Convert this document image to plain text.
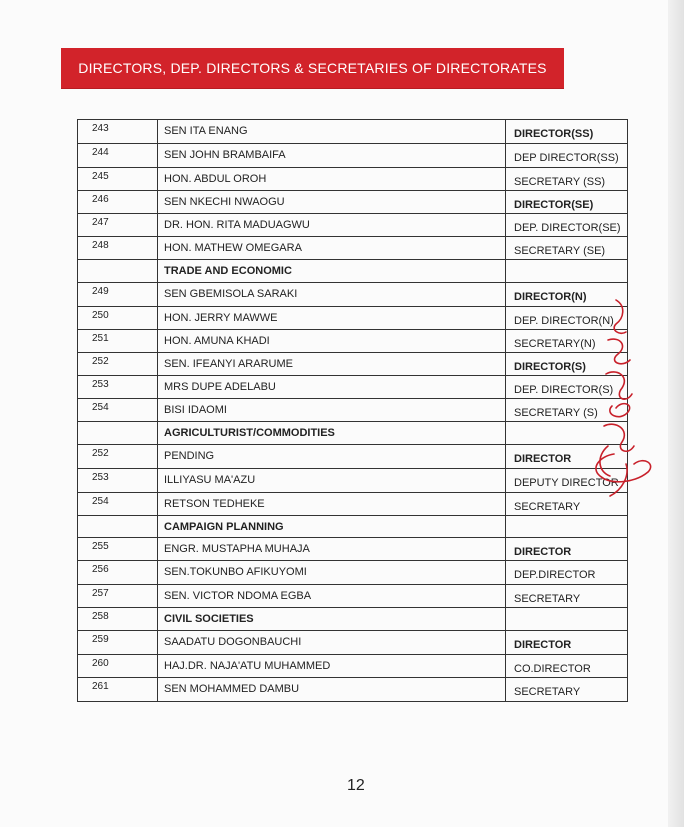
DIRECTORS, DEP. DIRECTORS & SECRETARIES OF DIRECTORATES
243	SEN ITA ENANG	DIRECTOR(SS)
244	SEN JOHN BRAMBAIFA	DEP DIRECTOR(SS)
245	HON. ABDUL OROH	SECRETARY (SS)
246	SEN NKECHI NWAOGU	DIRECTOR(SE)
247	DR. HON. RITA MADUAGWU	DEP. DIRECTOR(SE)
248	HON. MATHEW OMEGARA	SECRETARY (SE)
TRADE AND ECONOMIC
249	SEN GBEMISOLA SARAKI	DIRECTOR(N)
250	HON. JERRY MAWWE	DEP. DIRECTOR(N)
251	HON. AMUNA KHADI	SECRETARY(N)
252	SEN. IFEANYI ARARUME	DIRECTOR(S)
253	MRS DUPE ADELABU	DEP. DIRECTOR(S)
254	BISI IDAOMI	SECRETARY (S)
AGRICULTURIST/COMMODITIES
252	PENDING	DIRECTOR
253	ILLIYASU MA'AZU	DEPUTY DIRECTOR
254	RETSON TEDHEKE	SECRETARY
CAMPAIGN PLANNING
255	ENGR. MUSTAPHA MUHAJA	DIRECTOR
256	SEN.TOKUNBO AFIKUYOMI	DEP.DIRECTOR
257	SEN. VICTOR NDOMA EGBA	SECRETARY
258	CIVIL SOCIETIES
259	SAADATU DOGONBAUCHI	DIRECTOR
260	HAJ.DR. NAJA'ATU MUHAMMED	CO.DIRECTOR
261	SEN MOHAMMED DAMBU	SECRETARY
12
